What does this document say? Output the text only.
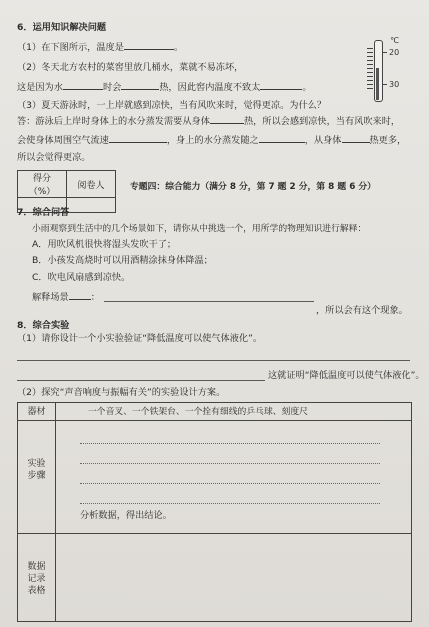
6．运用知识解决问题
（1）在下图所示，温度是	。
（2）冬天北方农村的菜窖里放几桶水，菜就不易冻坏，
这是因为水	时会	热，因此窖内温度不致太	。
（3）夏天游泳时，一上岸就感到凉快，当有风吹来时，觉得更凉。为什么？
答：游泳后上岸时身体上的水分蒸发需要从身体	热，所以会感到凉快，当有风吹来时，
会使身体周围空气流速	，身上的水分蒸发随之	，从身体	热更多，
所以会觉得更凉。
℃
20
30
得分（%）	阅卷人
		专题四：综合能力（满分 8 分，第 7 题 2 分，第 8 题 6 分）
7．综合问答
小雨观察到生活中的几个场景如下，请你从中挑选一个，用所学的物理知识进行解释：
A．用吹风机很快将湿头发吹干了；
B．小孩发高烧时可以用酒精涂抹身体降温；
C．吹电风扇感到凉快。
解释场景 ：
，所以会有这个现象。
8．综合实验
（1）请你设计一个小实验验证“降低温度可以使气体液化”。
这就证明“降低温度可以使气体液化”。
（2）探究“声音响度与振幅有关”的实验设计方案。
器材	一个音叉、一个铁架台、一个拴有细线的乒乓球、刻度尺
实验
步骤
分析数据，得出结论。
数据
记录
表格
